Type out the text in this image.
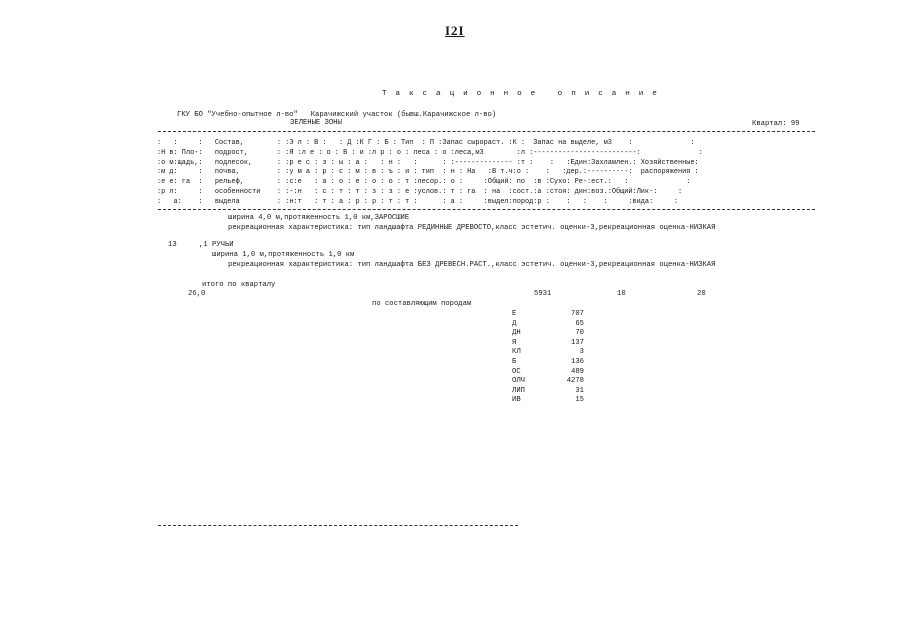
I2I
Т а к с а ц и о н н о е   о п и с а н и е
ГКУ БО "Учебно-опытное л-во"   Карачижский участок (бывш.Карачижское л-во)
ЗЕЛЕНЫЕ ЗОНЫ	Квартал: 99
:   :     :   Состав,        : :Э л : В :   : Д :К Г : Б : Тип  : П :Запас сырораст. :К :  Запас на выделе, м3    :              :
:Н в: Пло-:   подрост,       : :Я :л е : о : В : и :л р : о : леса : о :леса,м3        :л :-------------------------:              :
:о м:щадь,:   подлесок,      : :р е с : з : ы : а :   : н :   :      : :-------------- :т :    :   :Един:Захламлен.: Хозяйственные:
:м д:     :   почва,         : :у м а : р : с : м : в : ъ : и : тип  : н : На   :В т.ч:о :    :   :дер.:----------:  распоряжения :
:е е: га  :   рельеф,        : :с:е   : а : о : е : о : о : т :лесор.: о :     :Общий: по  :в :Сухо: Ре-:ест.:   :              :
:р л:     :   особенности    : :-:н   : с : т : т : з : з : е :услов.: т : га  : на  :сост.:а :стоя: дин:воз.:Общий:Лик-:     :
:   а:    :   выдела         : :н:т   : т : а : р : р : т : т :      : а :     :выдел:пород:р :    :   :    :     :вида:     :
ширина 4,0 м,протяженность 1,0 км,ЗАРОСШИЕ
рекреационная характеристика: тип ландшафта РЕДИННЫЕ ДРЕВОСТО,класс эстетич. оценки-3,рекреационная оценка-НИЗКАЯ
13	,1 РУЧЬИ
ширина 1,0 м,протяженность 1,0 км
рекреационная характеристика: тип ландшафта БЕЗ ДРЕВЕСН.РАСТ.,класс эстетич. оценки-3,рекреационная оценка-НИЗКАЯ
итого по кварталу
26,0	5931	10	20
по составляющим породам
Е	707
Д	65
ДН	70
Я	137
КЛ	3
Б	136
ОС	489
ОЛЧ	4278
ЛИП	31
ИВ	15
